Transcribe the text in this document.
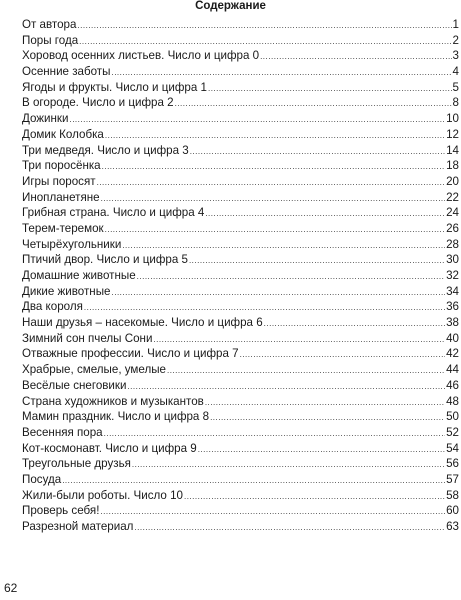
Содержание
От автора .....	1
Поры года .....	2
Хоровод осенних листьев. Число и цифра 0 .....	3
Осенние заботы .....	4
Ягоды и фрукты. Число и цифра 1 .....	5
В огороде. Число и цифра 2 .....	8
Дожинки .....	10
Домик Колобка .....	12
Три медведя. Число и цифра 3 .....	14
Три поросёнка .....	18
Игры поросят .....	20
Инопланетяне .....	22
Грибная страна. Число и цифра 4 .....	24
Терем-теремок .....	26
Четырёхугольники .....	28
Птичий двор. Число и цифра 5 .....	30
Домашние животные .....	32
Дикие животные .....	34
Два короля .....	36
Наши друзья – насекомые. Число и цифра 6 .....	38
Зимний сон пчелы Сони .....	40
Отважные профессии. Число и цифра 7 .....	42
Храбрые, смелые, умелые .....	44
Весёлые снеговики .....	46
Страна художников и музыкантов .....	48
Мамин праздник. Число и цифра 8 .....	50
Весенняя пора .....	52
Кот-космонавт. Число и цифра 9 .....	54
Треугольные друзья .....	56
Посуда .....	57
Жили-были роботы. Число 10 .....	58
Проверь себя! .....	60
Разрезной материал .....	63
62
